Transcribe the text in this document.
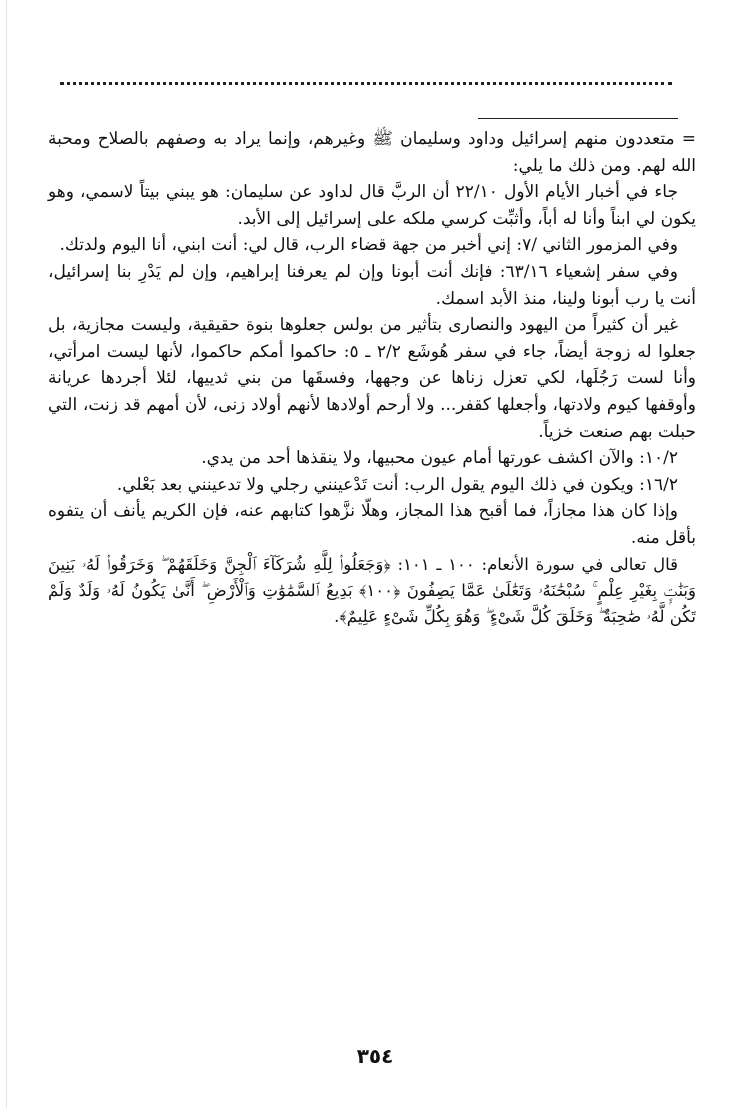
= متعددون منهم إسرائيل وداود وسليمان ﷺ وغيرهم، وإنما يراد به وصفهم بالصلاح ومحبة الله لهم. ومن ذلك ما يلي:

جاء في أخبار الأيام الأول ٢٢/١٠ أن الربَّ قال لداود عن سليمان: هو يبني بيتاً لاسمي، وهو يكون لي ابناً وأنا له أباً، وأثبِّت كرسي ملكه على إسرائيل إلى الأبد.

وفي المزمور الثاني /٧: إني أخبر من جهة قضاء الرب، قال لي: أنت ابني، أنا اليوم ولدتك.

وفي سفر إشعياء ٦٣/١٦: فإنك أنت أبونا وإن لم يعرفنا إبراهيم، وإن لم يَدْرِ بنا إسرائيل، أنت يا رب أبونا ولينا، منذ الأبد اسمك.

غير أن كثيراً من اليهود والنصارى بتأثير من بولس جعلوها بنوة حقيقية، وليست مجازية، بل جعلوا له زوجة أيضاً، جاء في سفر هُوشَع ٢/٢ ـ ٥: حاكموا أمكم حاكموا، لأنها ليست امرأتي، وأنا لست رَجُلَها، لكي تعزل زناها عن وجهها، وفسقَها من بني ثدييها، لئلا أجردها عريانة وأوقفها كيوم ولادتها، وأجعلها كقفر... ولا أرحم أولادها لأنهم أولاد زنى، لأن أمهم قد زنت، التي حبلت بهم صنعت خزياً.

١٠/٢: والآن اكشف عورتها أمام عيون محبيها، ولا ينقذها أحد من يدي.

١٦/٢: ويكون في ذلك اليوم يقول الرب: أنت تَدْعينني رجلي ولا تدعينني بعد بَعْلي.

وإذا كان هذا مجازاً، فما أقبح هذا المجاز، وهلّا نزَّهوا كتابهم عنه، فإن الكريم يأنف أن يتفوه بأقل منه.

قال تعالى في سورة الأنعام: ١٠٠ ـ ١٠١: ﴿وَجَعَلُوا۟ لِلَّهِ شُرَكَآءَ ٱلْجِنَّ وَخَلَقَهُمْ ۖ وَخَرَقُوا۟ لَهُۥ بَنِينَ وَبَنَٰتٍۭ بِغَيْرِ عِلْمٍ ۚ سُبْحَٰنَهُۥ وَتَعَٰلَىٰ عَمَّا يَصِفُونَ ﴿١٠٠﴾ بَدِيعُ ٱلسَّمَٰوَٰتِ وَٱلْأَرْضِ ۖ أَنَّىٰ يَكُونُ لَهُۥ وَلَدٌ وَلَمْ تَكُن لَّهُۥ صَٰحِبَةٌ ۖ وَخَلَقَ كُلَّ شَىْءٍ ۖ وَهُوَ بِكُلِّ شَىْءٍ عَلِيمٌ﴾.

٣٥٤
